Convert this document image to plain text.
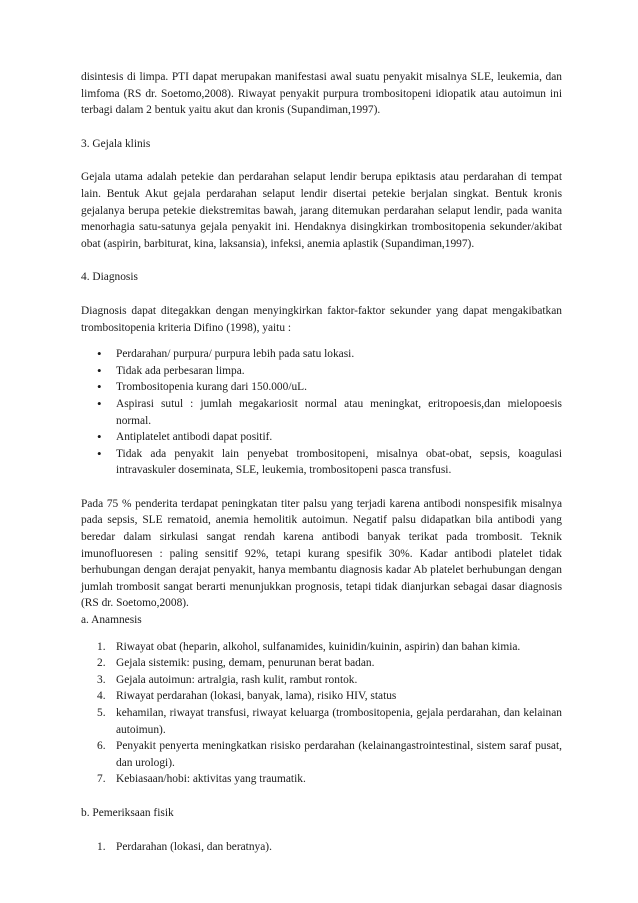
disintesis di limpa. PTI dapat merupakan manifestasi awal suatu penyakit misalnya SLE, leukemia, dan limfoma (RS dr. Soetomo,2008). Riwayat penyakit purpura trombositopeni idiopatik atau autoimun ini terbagi dalam 2 bentuk yaitu akut dan kronis (Supandiman,1997).

3. Gejala klinis

Gejala utama adalah petekie dan perdarahan selaput lendir berupa epiktasis atau perdarahan di tempat lain. Bentuk Akut gejala perdarahan selaput lendir disertai petekie berjalan singkat. Bentuk kronis gejalanya berupa petekie diekstremitas bawah, jarang ditemukan perdarahan selaput lendir, pada wanita menorhagia satu-satunya gejala penyakit ini. Hendaknya disingkirkan trombositopenia sekunder/akibat obat (aspirin, barbiturat, kina, laksansia), infeksi, anemia aplastik (Supandiman,1997).

4. Diagnosis

Diagnosis dapat ditegakkan dengan menyingkirkan faktor-faktor sekunder yang dapat mengakibatkan trombositopenia kriteria Difino (1998), yaitu :

• Perdarahan/ purpura/ purpura lebih pada satu lokasi.
• Tidak ada perbesaran limpa.
• Trombositopenia kurang dari 150.000/uL.
• Aspirasi sutul : jumlah megakariosit normal atau meningkat, eritropoesis,dan mielopoesis normal.
• Antiplatelet antibodi dapat positif.
• Tidak ada penyakit lain penyebat trombositopeni, misalnya obat-obat, sepsis, koagulasi intravaskuler doseminata, SLE, leukemia, trombositopeni pasca transfusi.

Pada 75 % penderita terdapat peningkatan titer palsu yang terjadi karena antibodi nonspesifik misalnya pada sepsis, SLE rematoid, anemia hemolitik autoimun. Negatif palsu didapatkan bila antibodi yang beredar dalam sirkulasi sangat rendah karena antibodi banyak terikat pada trombosit. Teknik imunofluoresen : paling sensitif 92%, tetapi kurang spesifik 30%. Kadar antibodi platelet tidak berhubungan dengan derajat penyakit, hanya membantu diagnosis kadar Ab platelet berhubungan dengan jumlah trombosit sangat berarti menunjukkan prognosis, tetapi tidak dianjurkan sebagai dasar diagnosis (RS dr. Soetomo,2008).

a. Anamnesis

1. Riwayat obat (heparin, alkohol, sulfanamides, kuinidin/kuinin, aspirin) dan bahan kimia.
2. Gejala sistemik: pusing, demam, penurunan berat badan.
3. Gejala autoimun: artralgia, rash kulit, rambut rontok.
4. Riwayat perdarahan (lokasi, banyak, lama), risiko HIV, status
5. kehamilan, riwayat transfusi, riwayat keluarga (trombositopenia, gejala perdarahan, dan kelainan autoimun).
6. Penyakit penyerta meningkatkan risisko perdarahan (kelainangastrointestinal, sistem saraf pusat, dan urologi).
7. Kebiasaan/hobi: aktivitas yang traumatik.

b. Pemeriksaan fisik

1. Perdarahan (lokasi, dan beratnya).
